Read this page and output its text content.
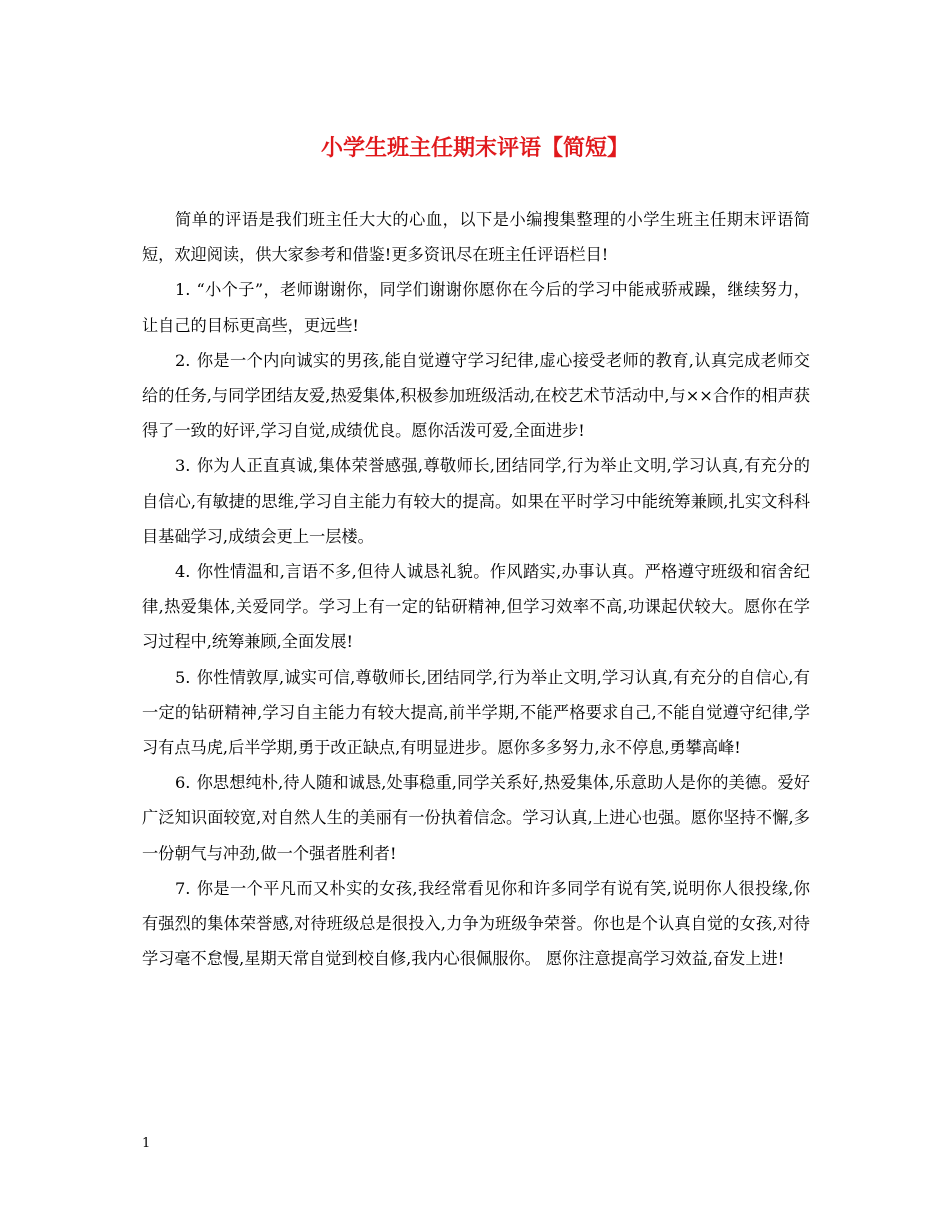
小学生班主任期末评语【简短】

简单的评语是我们班主任大大的心血，以下是小编搜集整理的小学生班主任期末评语简短，欢迎阅读，供大家参考和借鉴!更多资讯尽在班主任评语栏目!

1. “小个子”，老师谢谢你，同学们谢谢你愿你在今后的学习中能戒骄戒躁，继续努力，让自己的目标更高些，更远些!

2. 你是一个内向诚实的男孩,能自觉遵守学习纪律,虚心接受老师的教育,认真完成老师交给的任务,与同学团结友爱,热爱集体,积极参加班级活动,在校艺术节活动中,与××合作的相声获得了一致的好评,学习自觉,成绩优良。愿你活泼可爱,全面进步!

3. 你为人正直真诚,集体荣誉感强,尊敬师长,团结同学,行为举止文明,学习认真,有充分的自信心,有敏捷的思维,学习自主能力有较大的提高。如果在平时学习中能统筹兼顾,扎实文科科目基础学习,成绩会更上一层楼。

4. 你性情温和,言语不多,但待人诚恳礼貌。作风踏实,办事认真。严格遵守班级和宿舍纪律,热爱集体,关爱同学。学习上有一定的钻研精神,但学习效率不高,功课起伏较大。愿你在学习过程中,统筹兼顾,全面发展!

5. 你性情敦厚,诚实可信,尊敬师长,团结同学,行为举止文明,学习认真,有充分的自信心,有一定的钻研精神,学习自主能力有较大提高,前半学期,不能严格要求自己,不能自觉遵守纪律,学习有点马虎,后半学期,勇于改正缺点,有明显进步。愿你多多努力,永不停息,勇攀高峰!

6. 你思想纯朴,待人随和诚恳,处事稳重,同学关系好,热爱集体,乐意助人是你的美德。爱好广泛知识面较宽,对自然人生的美丽有一份执着信念。学习认真,上进心也强。愿你坚持不懈,多一份朝气与冲劲,做一个强者胜利者!

7. 你是一个平凡而又朴实的女孩,我经常看见你和许多同学有说有笑,说明你人很投缘,你有强烈的集体荣誉感,对待班级总是很投入,力争为班级争荣誉。你也是个认真自觉的女孩,对待学习毫不怠慢,星期天常自觉到校自修,我内心很佩服你。 愿你注意提高学习效益,奋发上进!

1
